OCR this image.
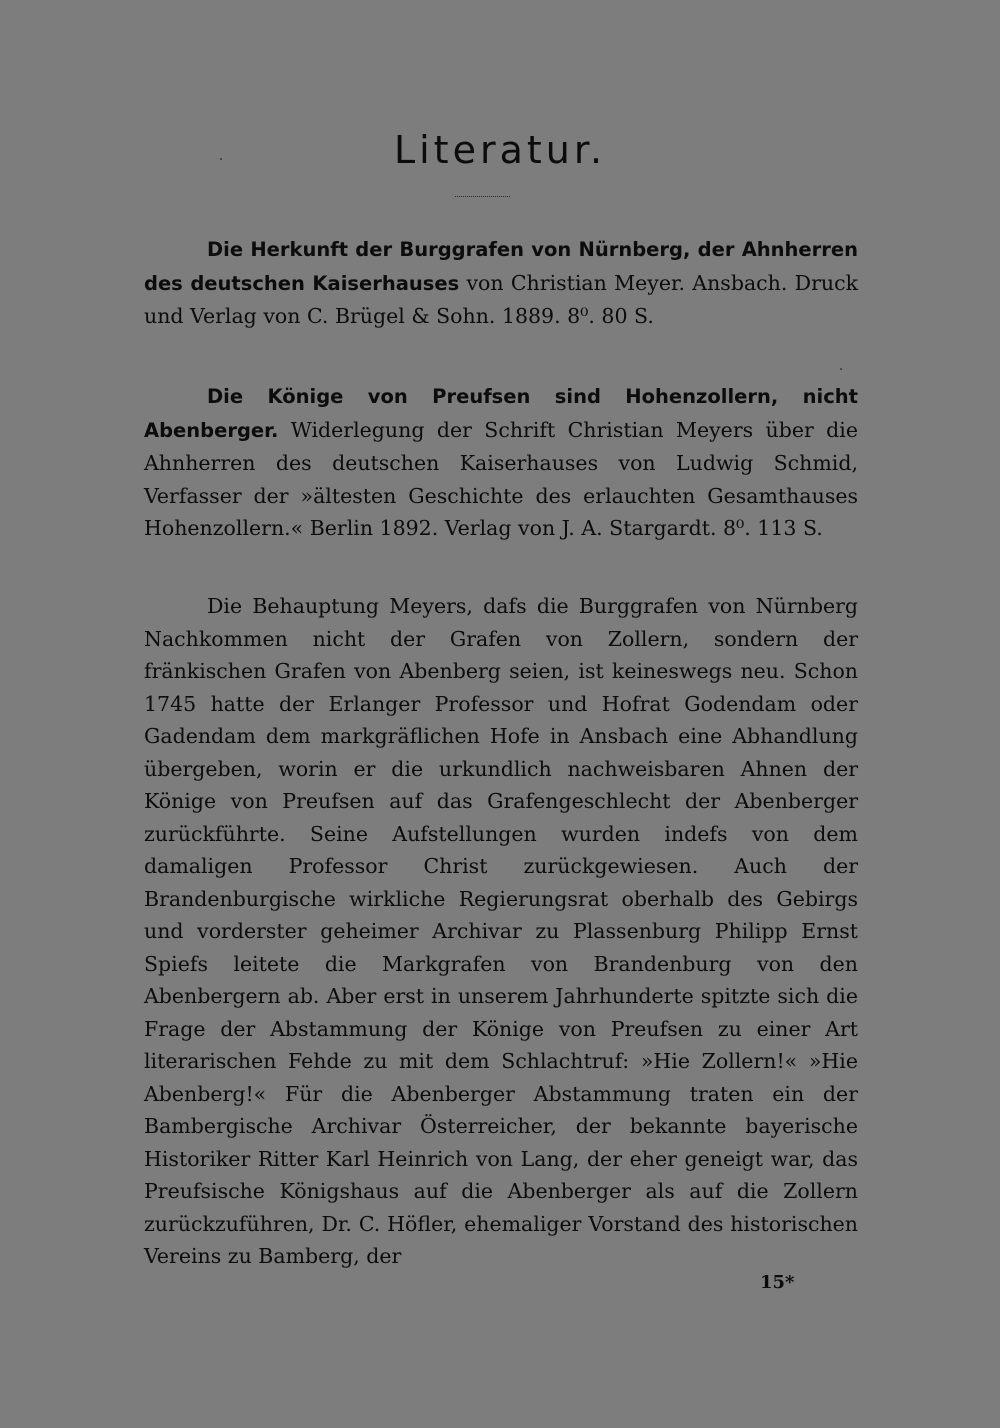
Literatur.

Die Herkunft der Burggrafen von Nürnberg, der Ahnherren des deutschen Kaiserhauses von Christian Meyer. Ansbach. Druck und Verlag von C. Brügel & Sohn. 1889. 8⁰. 80 S.

Die Könige von Preufsen sind Hohenzollern, nicht Abenberger. Widerlegung der Schrift Christian Meyers über die Ahnherren des deutschen Kaiserhauses von Ludwig Schmid, Verfasser der »ältesten Geschichte des erlauchten Gesamthauses Hohenzollern.« Berlin 1892. Verlag von J. A. Stargardt. 8⁰. 113 S.

Die Behauptung Meyers, dafs die Burggrafen von Nürnberg Nachkommen nicht der Grafen von Zollern, sondern der fränkischen Grafen von Abenberg seien, ist keineswegs neu. Schon 1745 hatte der Erlanger Professor und Hofrat Godendam oder Gadendam dem markgräflichen Hofe in Ansbach eine Abhandlung übergeben, worin er die urkundlich nachweisbaren Ahnen der Könige von Preufsen auf das Grafengeschlecht der Abenberger zurückführte. Seine Aufstellungen wurden indefs von dem damaligen Professor Christ zurückgewiesen. Auch der Brandenburgische wirkliche Regierungsrat oberhalb des Gebirgs und vorderster geheimer Archivar zu Plassenburg Philipp Ernst Spiefs leitete die Markgrafen von Brandenburg von den Abenbergern ab. Aber erst in unserem Jahrhunderte spitzte sich die Frage der Abstammung der Könige von Preufsen zu einer Art literarischen Fehde zu mit dem Schlachtruf: »Hie Zollern!« »Hie Abenberg!« Für die Abenberger Abstammung traten ein der Bambergische Archivar Österreicher, der bekannte bayerische Historiker Ritter Karl Heinrich von Lang, der eher geneigt war, das Preufsische Königshaus auf die Abenberger als auf die Zollern zurückzuführen, Dr. C. Höfler, ehemaliger Vorstand des historischen Vereins zu Bamberg, der

15*
